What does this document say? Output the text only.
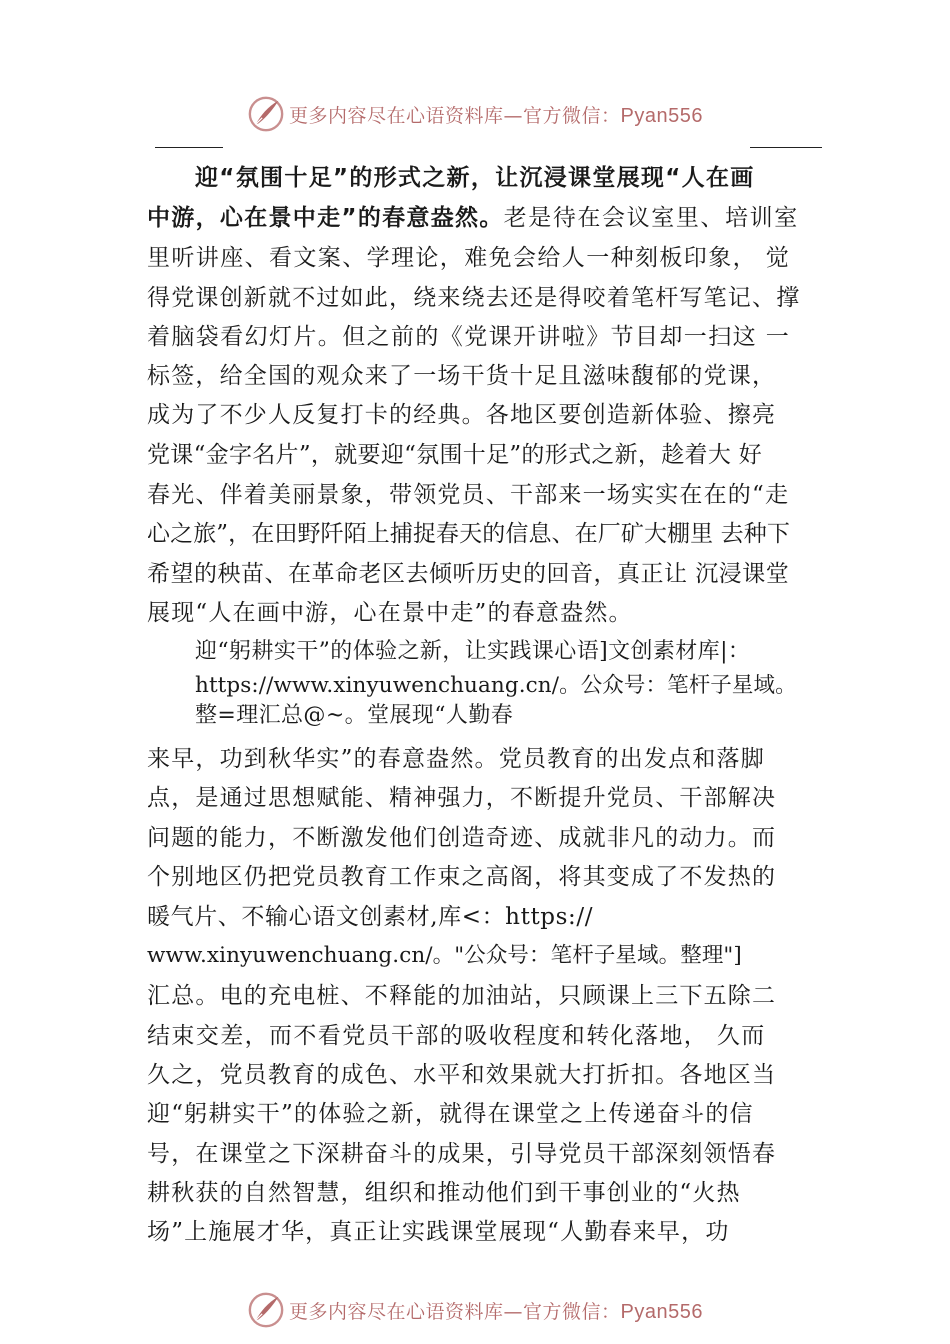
更多内容尽在心语资料库—官方微信：Pyan556
迎“氛围十足”的形式之新，让沉浸课堂展现“人在画
中游，心在景中走”的春意盎然。老是待在会议室里、培训室
里听讲座、看文案、学理论，难免会给人一种刻板印象， 觉
得党课创新就不过如此，绕来绕去还是得咬着笔杆写笔记、撑
着脑袋看幻灯片。但之前的《党课开讲啦》节目却一扫这 一
标签，给全国的观众来了一场干货十足且滋味馥郁的党课，
成为了不少人反复打卡的经典。各地区要创造新体验、擦亮
党课“金字名片”，就要迎“氛围十足”的形式之新，趁着大 好
春光、伴着美丽景象，带领党员、干部来一场实实在在的“走
心之旅”，在田野阡陌上捕捉春天的信息、在厂矿大棚里 去种下
希望的秧苗、在革命老区去倾听历史的回音，真正让 沉浸课堂
展现“人在画中游，心在景中走”的春意盎然。
迎“躬耕实干”的体验之新，让实践课心语]文创素材库|：
https://www.xinyuwenchuang.cn/。公众号：笔杆子星域。
整=理汇总@~。堂展现“人勤春
来早，功到秋华实”的春意盎然。党员教育的出发点和落脚
点，是通过思想赋能、精神强力，不断提升党员、干部解决
问题的能力，不断激发他们创造奇迹、成就非凡的动力。而
个别地区仍把党员教育工作束之高阁，将其变成了不发热的
暖气片、不输心语文创素材,库<：https://
www.xinyuwenchuang.cn/。"公众号：笔杆子星域。整理"]
汇总。电的充电桩、不释能的加油站，只顾课上三下五除二
结束交差，而不看党员干部的吸收程度和转化落地， 久而
久之，党员教育的成色、水平和效果就大打折扣。各地区当
迎“躬耕实干”的体验之新，就得在课堂之上传递奋斗的信
号，在课堂之下深耕奋斗的成果，引导党员干部深刻领悟春
耕秋获的自然智慧，组织和推动他们到干事创业的“火热
场”上施展才华，真正让实践课堂展现“人勤春来早，功
更多内容尽在心语资料库—官方微信：Pyan556
